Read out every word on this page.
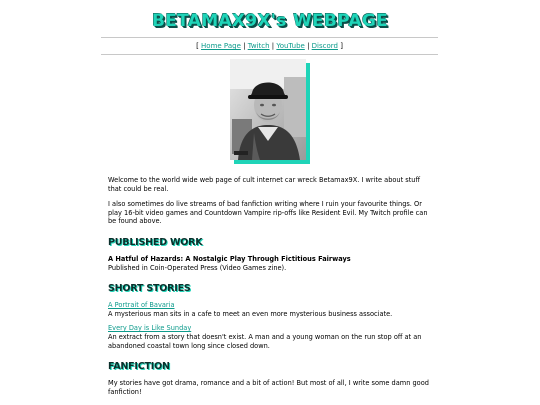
BETAMAX9X's WEBPAGE
[ Home Page | Twitch | YouTube | Discord ]

Welcome to the world wide web page of cult internet car wreck Betamax9X. I write about stuff that could be real.

I also sometimes do live streams of bad fanfiction writing where I ruin your favourite things. Or play 16-bit video games and Countdown Vampire rip-offs like Resident Evil. My Twitch profile can be found above.

PUBLISHED WORK
A Hatful of Hazards: A Nostalgic Play Through Fictitious Fairways
Published in Coin-Operated Press (Video Games zine).
SHORT STORIES
A Portrait of Bavaria
A mysterious man sits in a cafe to meet an even more mysterious business associate.
Every Day is Like Sunday
An extract from a story that doesn't exist. A man and a young woman on the run stop off at an abandoned coastal town long since closed down.
FANFICTION

My stories have got drama, romance and a bit of action! But most of all, I write some damn good fanfiction!
